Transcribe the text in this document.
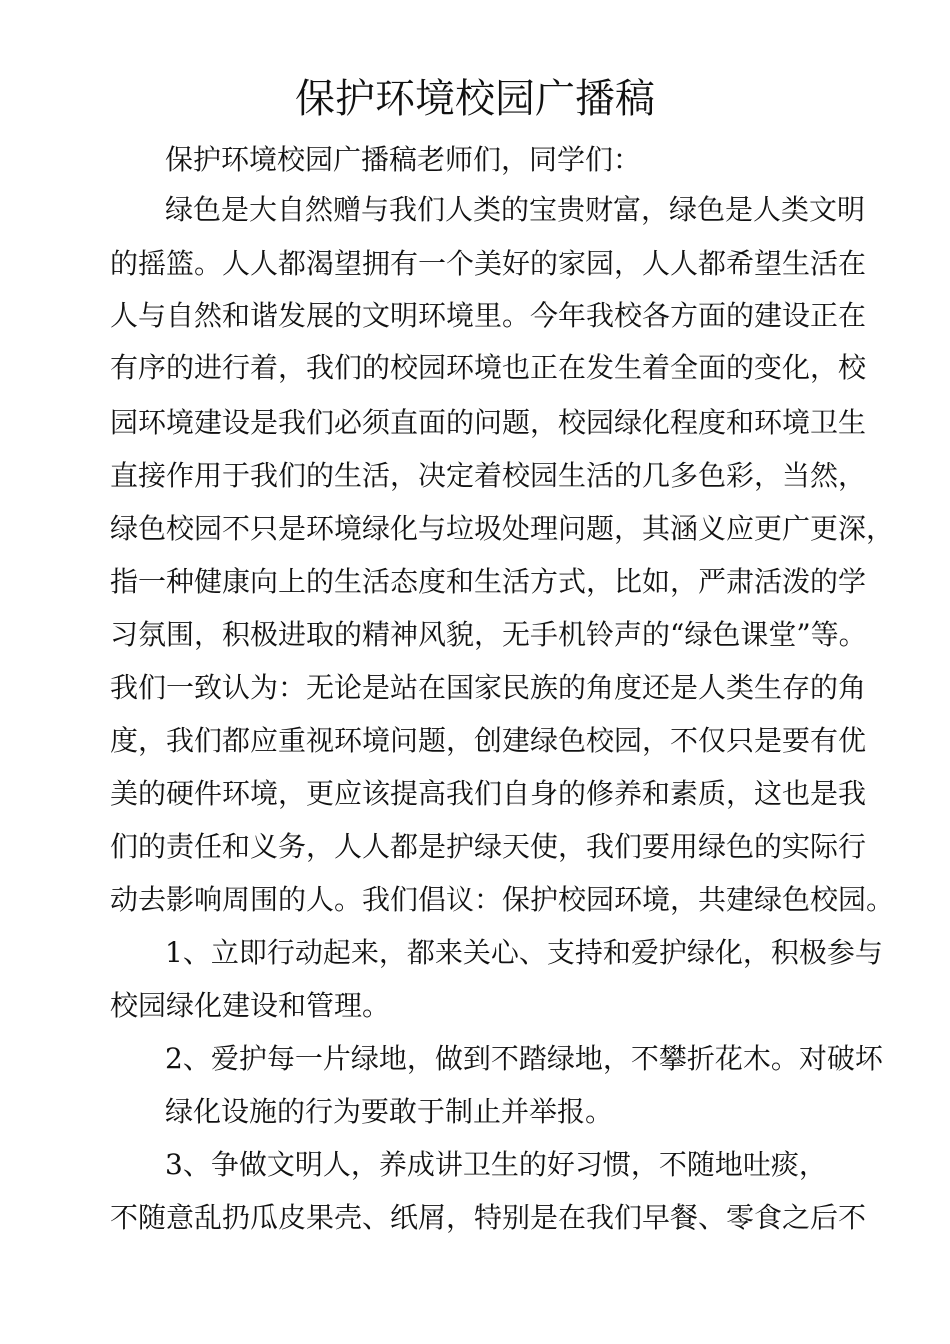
保护环境校园广播稿
保护环境校园广播稿老师们，同学们：
绿色是大自然赠与我们人类的宝贵财富，绿色是人类文明
的摇篮。人人都渴望拥有一个美好的家园，人人都希望生活在
人与自然和谐发展的文明环境里。今年我校各方面的建设正在
有序的进行着，我们的校园环境也正在发生着全面的变化，校
园环境建设是我们必须直面的问题，校园绿化程度和环境卫生
直接作用于我们的生活，决定着校园生活的几多色彩，当然，
绿色校园不只是环境绿化与垃圾处理问题，其涵义应更广更深，
指一种健康向上的生活态度和生活方式，比如，严肃活泼的学
习氛围，积极进取的精神风貌，无手机铃声的“绿色课堂”等。
我们一致认为：无论是站在国家民族的角度还是人类生存的角
度，我们都应重视环境问题，创建绿色校园，不仅只是要有优
美的硬件环境，更应该提高我们自身的修养和素质，这也是我
们的责任和义务，人人都是护绿天使，我们要用绿色的实际行
动去影响周围的人。我们倡议：保护校园环境，共建绿色校园。
1、立即行动起来，都来关心、支持和爱护绿化，积极参与
校园绿化建设和管理。
2、爱护每一片绿地，做到不踏绿地，不攀折花木。对破坏
绿化设施的行为要敢于制止并举报。
3、争做文明人，养成讲卫生的好习惯，不随地吐痰，
不随意乱扔瓜皮果壳、纸屑，特别是在我们早餐、零食之后不
